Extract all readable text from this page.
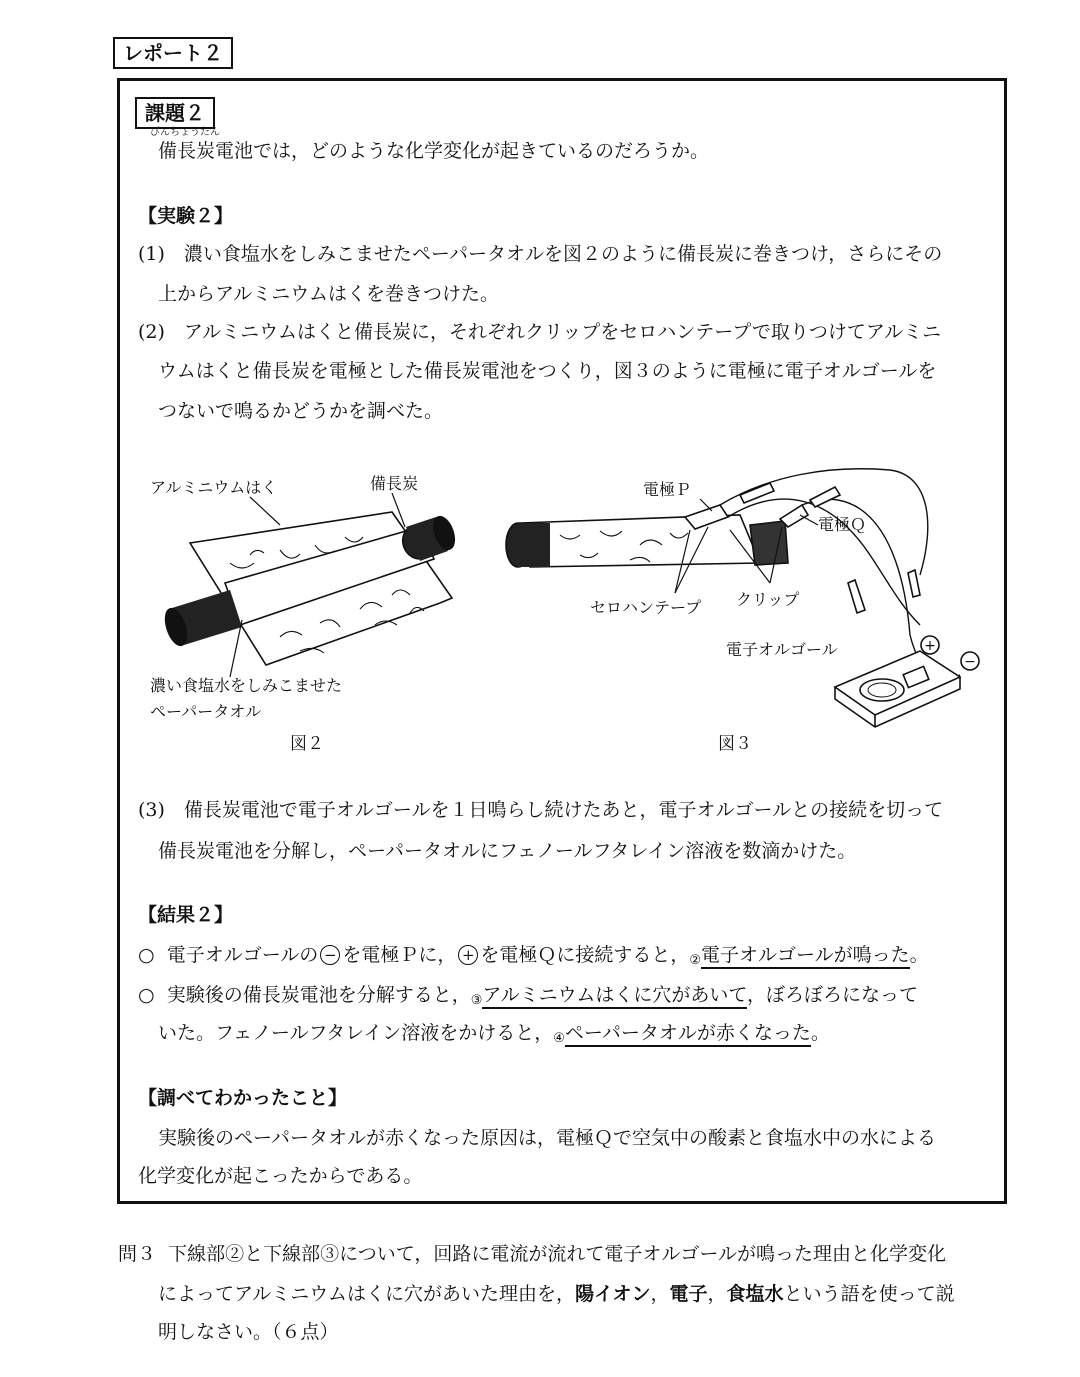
レポート２
課題２
びんちょうたん
備長炭電池では，どのような化学変化が起きているのだろうか。
【実験２】
(1)　濃い食塩水をしみこませたペーパータオルを図２のように備長炭に巻きつけ，さらにその
上からアルミニウムはくを巻きつけた。
(2)　アルミニウムはくと備長炭に，それぞれクリップをセロハンテープで取りつけてアルミニ
ウムはくと備長炭を電極とした備長炭電池をつくり，図３のように電極に電子オルゴールを
つないで鳴るかどうかを調べた。
アルミニウムはく	備長炭
濃い食塩水をしみこませた
ペーパータオル
図２
電極Ｐ
電極Ｑ
セロハンテープ クリップ
電子オルゴール	+
−
図３
(3)　備長炭電池で電子オルゴールを１日鳴らし続けたあと，電子オルゴールとの接続を切って
備長炭電池を分解し，ペーパータオルにフェノールフタレイン溶液を数滴かけた。
【結果２】
○ 電子オルゴールの − を電極Ｐに， + を電極Ｑに接続すると，②電子オルゴールが鳴った。
○ 実験後の備長炭電池を分解すると，③アルミニウムはくに穴があいて，ぼろぼろになって
いた。フェノールフタレイン溶液をかけると，④ペーパータオルが赤くなった。
【調べてわかったこと】
実験後のペーパータオルが赤くなった原因は，電極Ｑで空気中の酸素と食塩水中の水による
化学変化が起こったからである。
問３ 下線部②と下線部③について，回路に電流が流れて電子オルゴールが鳴った理由と化学変化
によってアルミニウムはくに穴があいた理由を，陽イオン，電子，食塩水という語を使って説
明しなさい。（６点）
